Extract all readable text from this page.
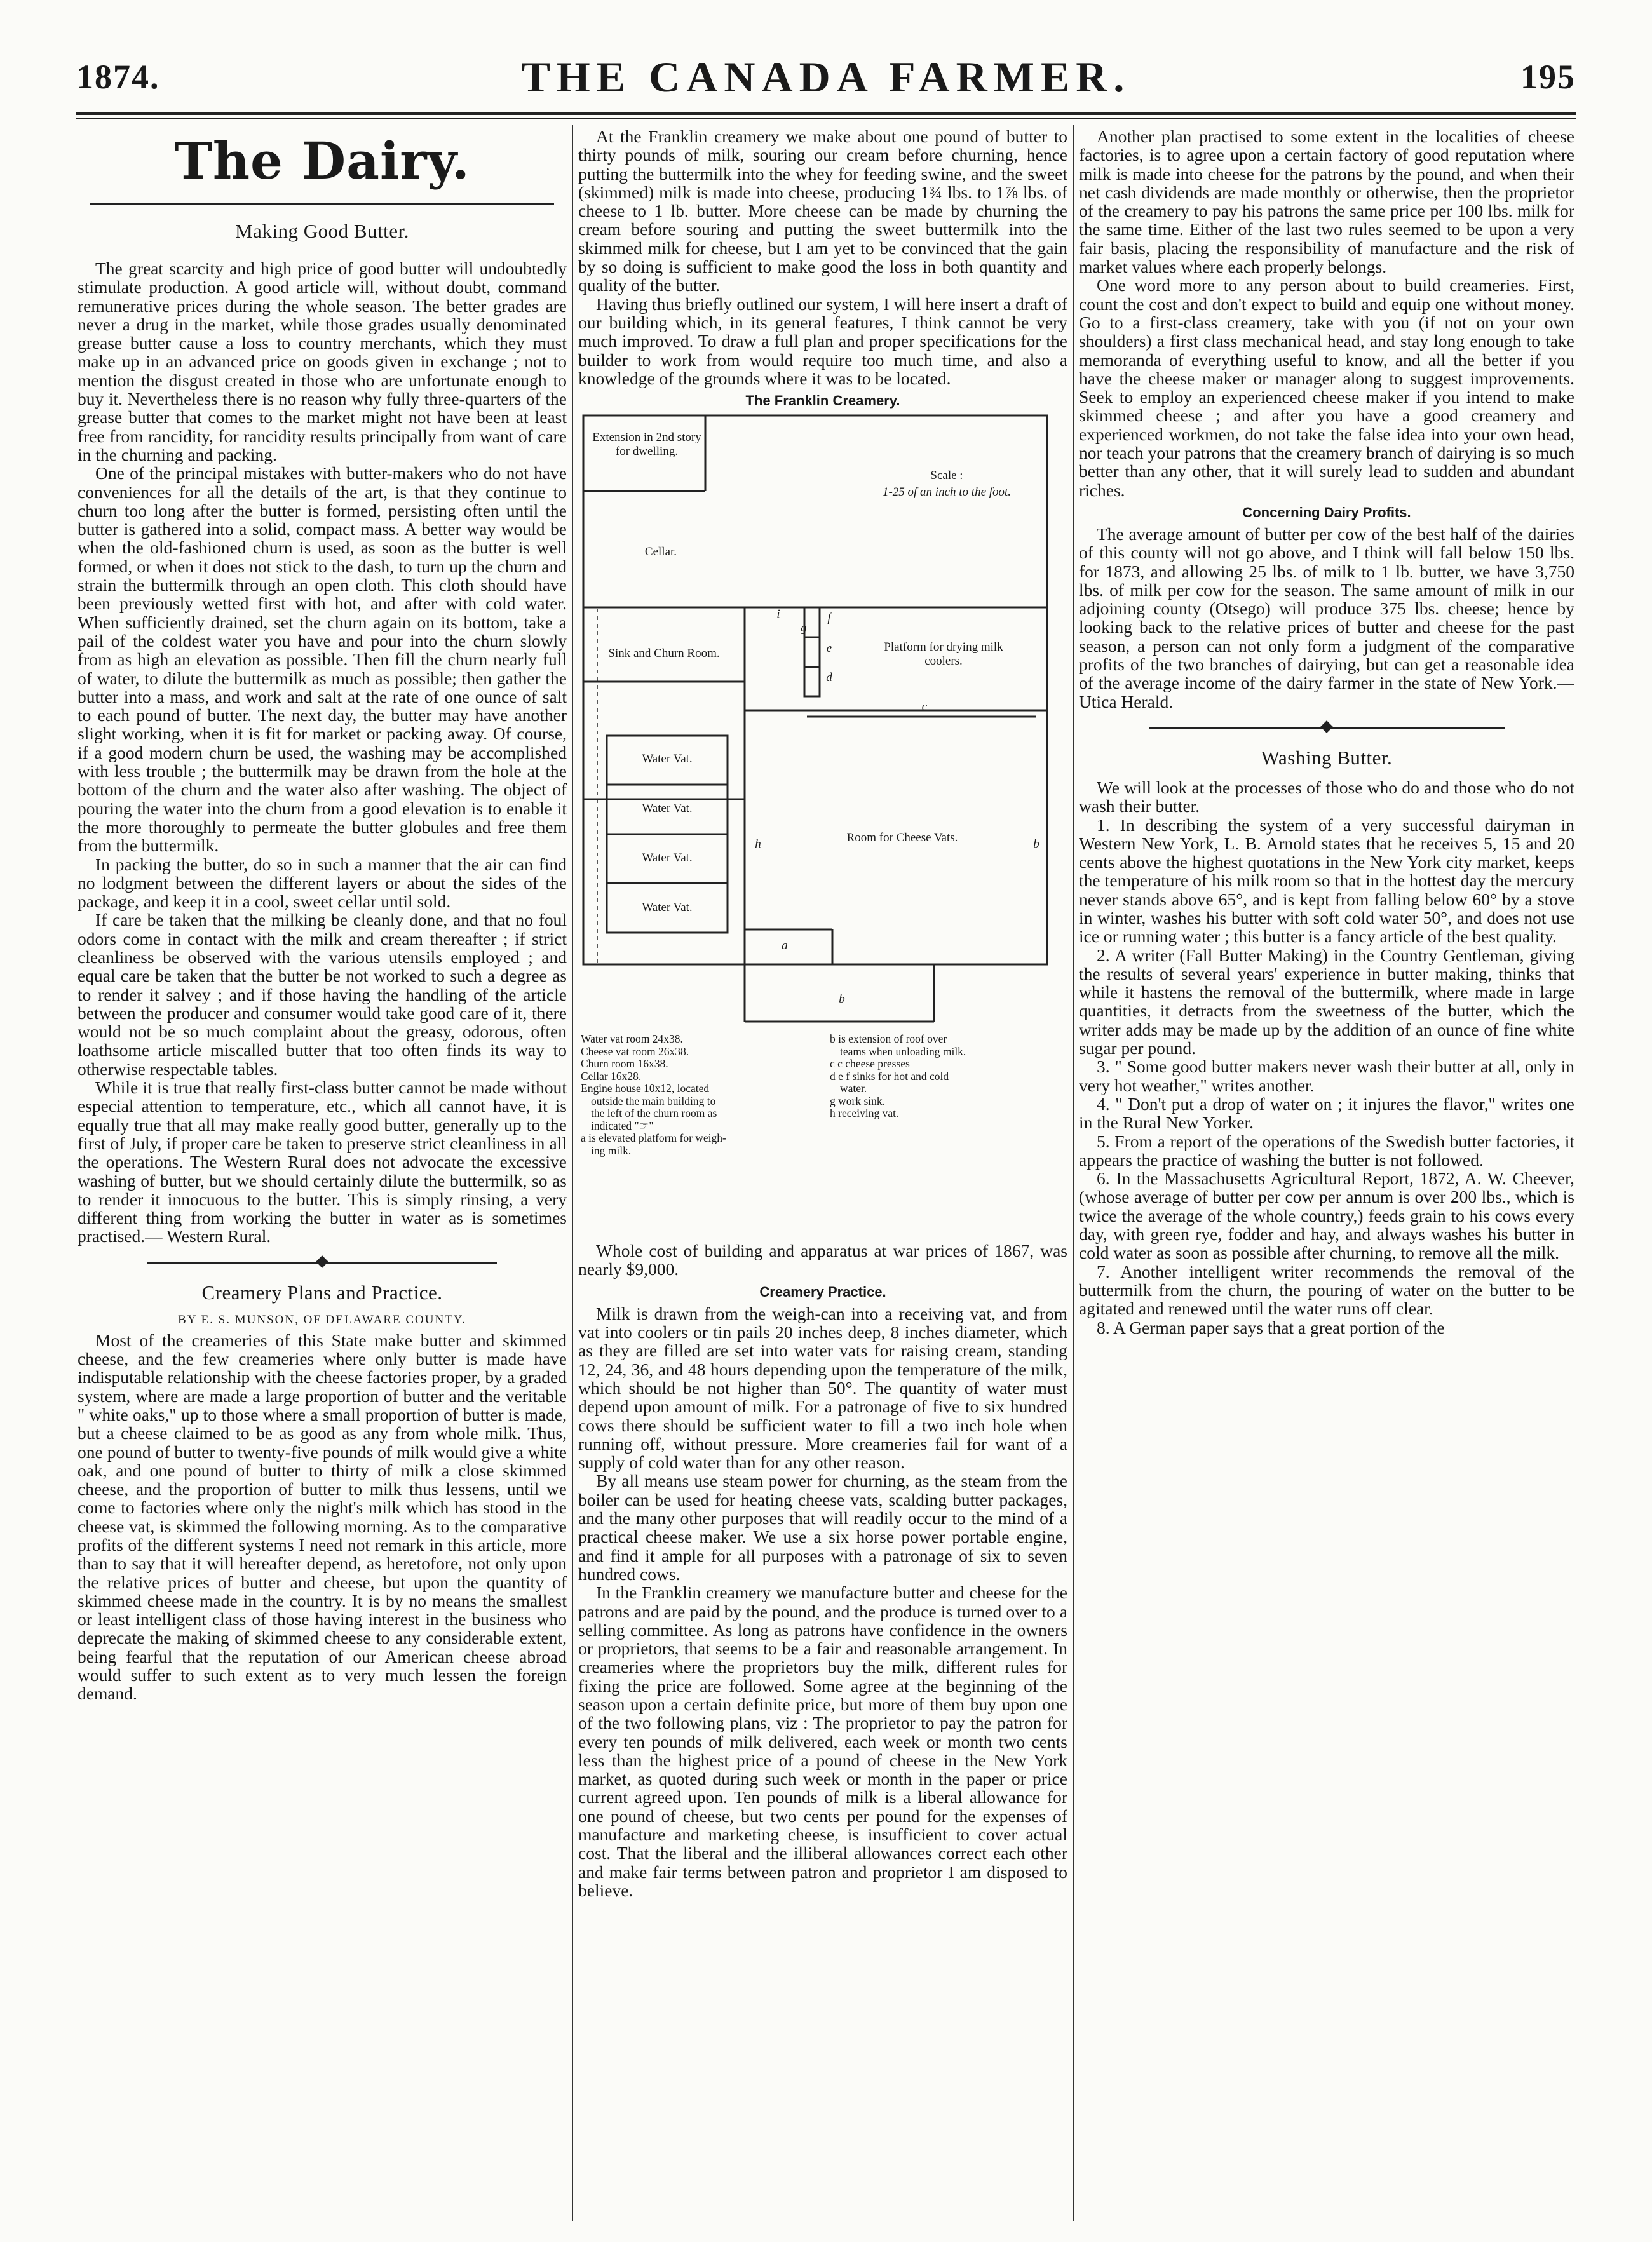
1874.	THE CANADA FARMER.	195
The Dairy.
Making Good Butter.

The great scarcity and high price of good butter will undoubtedly stimulate production. A good article will, without doubt, command remunerative prices during the whole season. The better grades are never a drug in the market, while those grades usually denominated grease butter cause a loss to country merchants, which they must make up in an advanced price on goods given in exchange ; not to mention the disgust created in those who are unfortunate enough to buy it. Nevertheless there is no reason why fully three-quarters of the grease butter that comes to the market might not have been at least free from rancidity, for rancidity results principally from want of care in the churning and packing.

One of the principal mistakes with butter-makers who do not have conveniences for all the details of the art, is that they continue to churn too long after the butter is formed, persisting often until the butter is gathered into a solid, compact mass. A better way would be when the old-fashioned churn is used, as soon as the butter is well formed, or when it does not stick to the dash, to turn up the churn and strain the buttermilk through an open cloth. This cloth should have been previously wetted first with hot, and after with cold water. When sufficiently drained, set the churn again on its bottom, take a pail of the coldest water you have and pour into the churn slowly from as high an elevation as possible. Then fill the churn nearly full of water, to dilute the buttermilk as much as possible; then gather the butter into a mass, and work and salt at the rate of one ounce of salt to each pound of butter. The next day, the butter may have another slight working, when it is fit for market or packing away. Of course, if a good modern churn be used, the washing may be accomplished with less trouble ; the buttermilk may be drawn from the hole at the bottom of the churn and the water also after washing. The object of pouring the water into the churn from a good elevation is to enable it the more thoroughly to permeate the butter globules and free them from the buttermilk.

In packing the butter, do so in such a manner that the air can find no lodgment between the different layers or about the sides of the package, and keep it in a cool, sweet cellar until sold.

If care be taken that the milking be cleanly done, and that no foul odors come in contact with the milk and cream thereafter ; if strict cleanliness be observed with the various utensils employed ; and equal care be taken that the butter be not worked to such a degree as to render it salvey ; and if those having the handling of the article between the producer and consumer would take good care of it, there would not be so much complaint about the greasy, odorous, often loathsome article miscalled butter that too often finds its way to otherwise respectable tables.

While it is true that really first-class butter cannot be made without especial attention to temperature, etc., which all cannot have, it is equally true that all may make really good butter, generally up to the first of July, if proper care be taken to preserve strict cleanliness in all the operations. The Western Rural does not advocate the excessive washing of butter, but we should certainly dilute the buttermilk, so as to render it innocuous to the butter. This is simply rinsing, a very different thing from working the butter in water as is sometimes practised.— Western Rural.

Creamery Plans and Practice.
BY E. S. MUNSON, OF DELAWARE COUNTY.

Most of the creameries of this State make butter and skimmed cheese, and the few creameries where only butter is made have indisputable relationship with the cheese factories proper, by a graded system, where are made a large proportion of butter and the veritable " white oaks," up to those where a small proportion of butter is made, but a cheese claimed to be as good as any from whole milk. Thus, one pound of butter to twenty-five pounds of milk would give a white oak, and one pound of butter to thirty of milk a close skimmed cheese, and the proportion of butter to milk thus lessens, until we come to factories where only the night's milk which has stood in the cheese vat, is skimmed the following morning. As to the comparative profits of the different systems I need not remark in this article, more than to say that it will hereafter depend, as heretofore, not only upon the relative prices of butter and cheese, but upon the quantity of skimmed cheese made in the country. It is by no means the smallest or least intelligent class of those having interest in the business who deprecate the making of skimmed cheese to any considerable extent, being fearful that the reputation of our American cheese abroad would suffer to such extent as to very much lessen the foreign demand.

At the Franklin creamery we make about one pound of butter to thirty pounds of milk, souring our cream before churning, hence putting the buttermilk into the whey for feeding swine, and the sweet (skimmed) milk is made into cheese, producing 1¾ lbs. to 1⅞ lbs. of cheese to 1 lb. butter. More cheese can be made by churning the cream before souring and putting the sweet buttermilk into the skimmed milk for cheese, but I am yet to be convinced that the gain by so doing is sufficient to make good the loss in both quantity and quality of the butter.

Having thus briefly outlined our system, I will here insert a draft of our building which, in its general features, I think cannot be very much improved. To draw a full plan and proper specifications for the builder to work from would require too much time, and also a knowledge of the grounds where it was to be located.

The Franklin Creamery.
Extension in 2nd story for dwelling.
Scale :
1-25 of an inch to the foot.
Cellar.
Sink and Churn Room.	Platform for drying milk coolers.
Water Vat.
Water Vat.
Water Vat.
Water Vat.
Room for Cheese Vats.
a
b
c
d
e
f
g
h
i
b
Water vat room 24x38.
Cheese vat room 26x38.
Churn room 16x38.
Cellar 16x28.
Engine house 10x12, located
outside the main building to
the left of the churn room as
indicated "☞"
a is elevated platform for weigh-
ing milk.
b is extension of roof over
teams when unloading milk.
c c cheese presses
d e f sinks for hot and cold
water.
g work sink.
h receiving vat.

Whole cost of building and apparatus at war prices of 1867, was nearly $9,000.

Creamery Practice.

Milk is drawn from the weigh-can into a receiving vat, and from vat into coolers or tin pails 20 inches deep, 8 inches diameter, which as they are filled are set into water vats for raising cream, standing 12, 24, 36, and 48 hours depending upon the temperature of the milk, which should be not higher than 50°. The quantity of water must depend upon amount of milk. For a patronage of five to six hundred cows there should be sufficient water to fill a two inch hole when running off, without pressure. More creameries fail for want of a supply of cold water than for any other reason.

By all means use steam power for churning, as the steam from the boiler can be used for heating cheese vats, scalding butter packages, and the many other purposes that will readily occur to the mind of a practical cheese maker. We use a six horse power portable engine, and find it ample for all purposes with a patronage of six to seven hundred cows.

In the Franklin creamery we manufacture butter and cheese for the patrons and are paid by the pound, and the produce is turned over to a selling committee. As long as patrons have confidence in the owners or proprietors, that seems to be a fair and reasonable arrangement. In creameries where the proprietors buy the milk, different rules for fixing the price are followed. Some agree at the beginning of the season upon a certain definite price, but more of them buy upon one of the two following plans, viz : The proprietor to pay the patron for every ten pounds of milk delivered, each week or month two cents less than the highest price of a pound of cheese in the New York market, as quoted during such week or month in the paper or price current agreed upon. Ten pounds of milk is a liberal allowance for one pound of cheese, but two cents per pound for the expenses of manufacture and marketing cheese, is insufficient to cover actual cost. That the liberal and the illiberal allowances correct each other and make fair terms between patron and proprietor I am disposed to believe.

Another plan practised to some extent in the localities of cheese factories, is to agree upon a certain factory of good reputation where milk is made into cheese for the patrons by the pound, and when their net cash dividends are made monthly or otherwise, then the proprietor of the creamery to pay his patrons the same price per 100 lbs. milk for the same time. Either of the last two rules seemed to be upon a very fair basis, placing the responsibility of manufacture and the risk of market values where each properly belongs.

One word more to any person about to build creameries. First, count the cost and don't expect to build and equip one without money. Go to a first-class creamery, take with you (if not on your own shoulders) a first class mechanical head, and stay long enough to take memoranda of everything useful to know, and all the better if you have the cheese maker or manager along to suggest improvements. Seek to employ an experienced cheese maker if you intend to make skimmed cheese ; and after you have a good creamery and experienced workmen, do not take the false idea into your own head, nor teach your patrons that the creamery branch of dairying is so much better than any other, that it will surely lead to sudden and abundant riches.

Concerning Dairy Profits.

The average amount of butter per cow of the best half of the dairies of this county will not go above, and I think will fall below 150 lbs. for 1873, and allowing 25 lbs. of milk to 1 lb. butter, we have 3,750 lbs. of milk per cow for the season. The same amount of milk in our adjoining county (Otsego) will produce 375 lbs. cheese; hence by looking back to the relative prices of butter and cheese for the past season, a person can not only form a judgment of the comparative profits of the two branches of dairying, but can get a reasonable idea of the average income of the dairy farmer in the state of New York.— Utica Herald.

Washing Butter.

We will look at the processes of those who do and those who do not wash their butter.

1. In describing the system of a very successful dairyman in Western New York, L. B. Arnold states that he receives 5, 15 and 20 cents above the highest quotations in the New York city market, keeps the temperature of his milk room so that in the hottest day the mercury never stands above 65°, and is kept from falling below 60° by a stove in winter, washes his butter with soft cold water 50°, and does not use ice or running water ; this butter is a fancy article of the best quality.

2. A writer (Fall Butter Making) in the Country Gentleman, giving the results of several years' experience in butter making, thinks that while it hastens the removal of the buttermilk, where made in large quantities, it detracts from the sweetness of the butter, which the writer adds may be made up by the addition of an ounce of fine white sugar per pound.

3. " Some good butter makers never wash their butter at all, only in very hot weather," writes another.

4. " Don't put a drop of water on ; it injures the flavor," writes one in the Rural New Yorker.

5. From a report of the operations of the Swedish butter factories, it appears the practice of washing the butter is not followed.

6. In the Massachusetts Agricultural Report, 1872, A. W. Cheever, (whose average of butter per cow per annum is over 200 lbs., which is twice the average of the whole country,) feeds grain to his cows every day, with green rye, fodder and hay, and always washes his butter in cold water as soon as possible after churning, to remove all the milk.

7. Another intelligent writer recommends the removal of the buttermilk from the churn, the pouring of water on the butter to be agitated and renewed until the water runs off clear.

8. A German paper says that a great portion of the
